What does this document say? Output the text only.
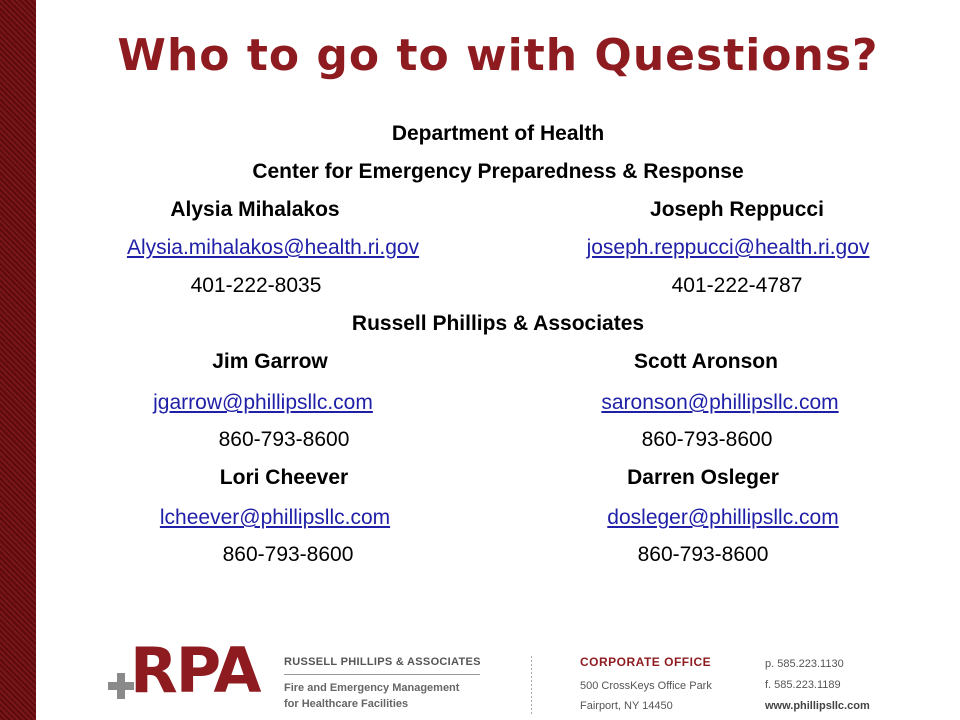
Who to go to with Questions?
Department of Health
Center for Emergency Preparedness & Response
Alysia Mihalakos	Joseph Reppucci
Alysia.mihalakos@health.ri.gov	joseph.reppucci@health.ri.gov
401-222-8035	401-222-4787
Russell Phillips & Associates
Jim Garrow	Scott Aronson
jgarrow@phillipsllc.com	saronson@phillipsllc.com
860-793-8600	860-793-8600
Lori Cheever	Darren Osleger
lcheever@phillipsllc.com	dosleger@phillipsllc.com
860-793-8600	860-793-8600
RPA RUSSELL PHILLIPS & ASSOCIATES
Fire and Emergency Management
for Healthcare Facilities
CORPORATE OFFICE
500 CrossKeys Office Park
Fairport, NY 14450
p. 585.223.1130
f. 585.223.1189
www.phillipsllc.com
